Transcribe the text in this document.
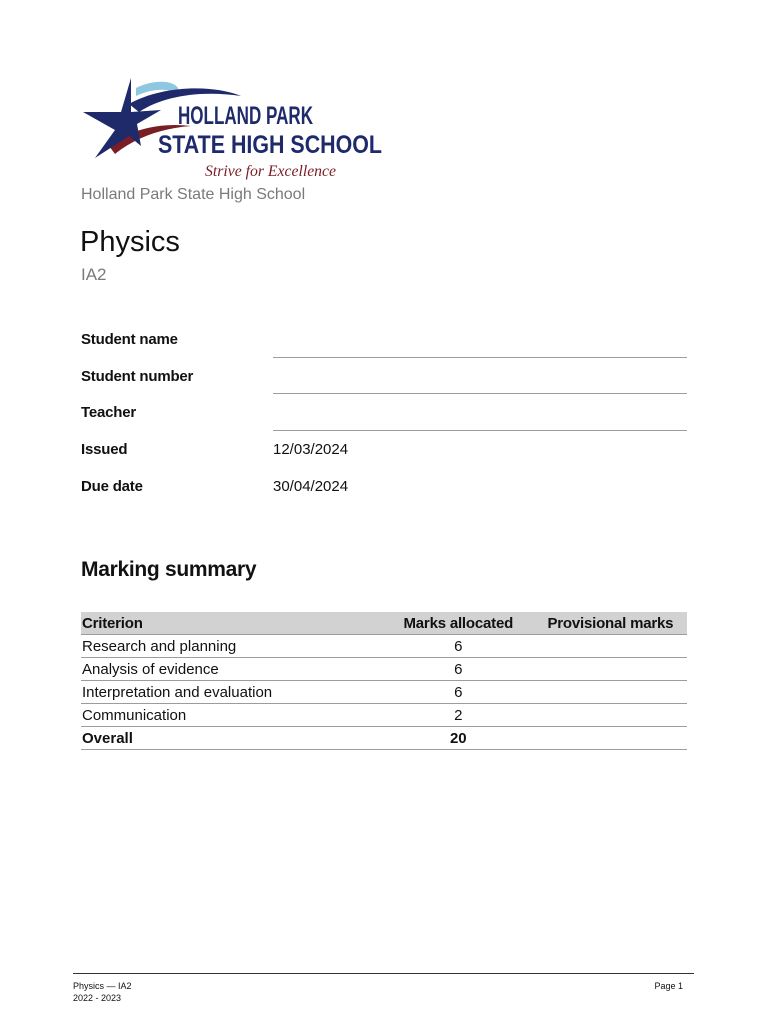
HOLLAND PARK
STATE HIGH SCHOOL
Strive for Excellence
Holland Park State High School
Physics
IA2
Student name
Student number
Teacher
Issued	12/03/2024
Due date	30/04/2024
Marking summary
Criterion	Marks allocated	Provisional marks
Research and planning	6	
Analysis of evidence	6	
Interpretation and evaluation	6	
Communication	2	
Overall	20	
Physics — IA2
2022 - 2023
Page 1
